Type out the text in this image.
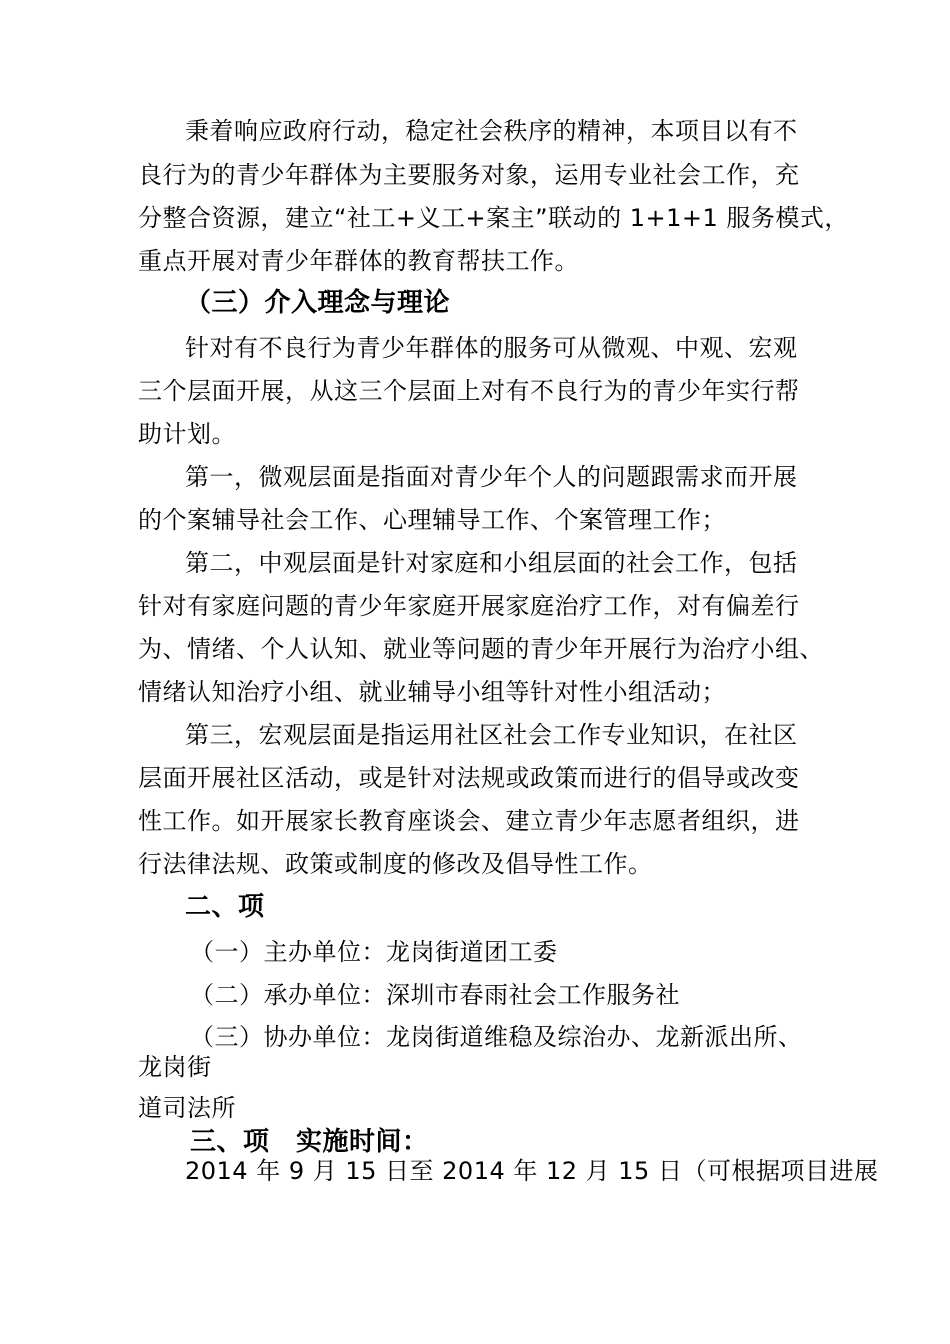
秉着响应政府行动，稳定社会秩序的精神，本项目以有不
良行为的青少年群体为主要服务对象，运用专业社会工作，充
分整合资源，建立“社工+义工+案主”联动的 1+1+1 服务模式，
重点开展对青少年群体的教育帮扶工作。
（三）介入理念与理论
针对有不良行为青少年群体的服务可从微观、中观、宏观
三个层面开展，从这三个层面上对有不良行为的青少年实行帮
助计划。
第一，微观层面是指面对青少年个人的问题跟需求而开展
的个案辅导社会工作、心理辅导工作、个案管理工作；
第二，中观层面是针对家庭和小组层面的社会工作，包括
针对有家庭问题的青少年家庭开展家庭治疗工作，对有偏差行
为、情绪、个人认知、就业等问题的青少年开展行为治疗小组、
情绪认知治疗小组、就业辅导小组等针对性小组活动；
第三，宏观层面是指运用社区社会工作专业知识，在社区
层面开展社区活动，或是针对法规或政策而进行的倡导或改变
性工作。如开展家长教育座谈会、建立青少年志愿者组织，进
行法律法规、政策或制度的修改及倡导性工作。
二、项
（一）主办单位：龙岗街道团工委
（二）承办单位：深圳市春雨社会工作服务社
（三）协办单位：龙岗街道维稳及综治办、龙新派出所、
龙岗街
道司法所
三、项　实施时间：
2014 年 9 月 15 日至 2014 年 12 月 15 日（可根据项目进展
